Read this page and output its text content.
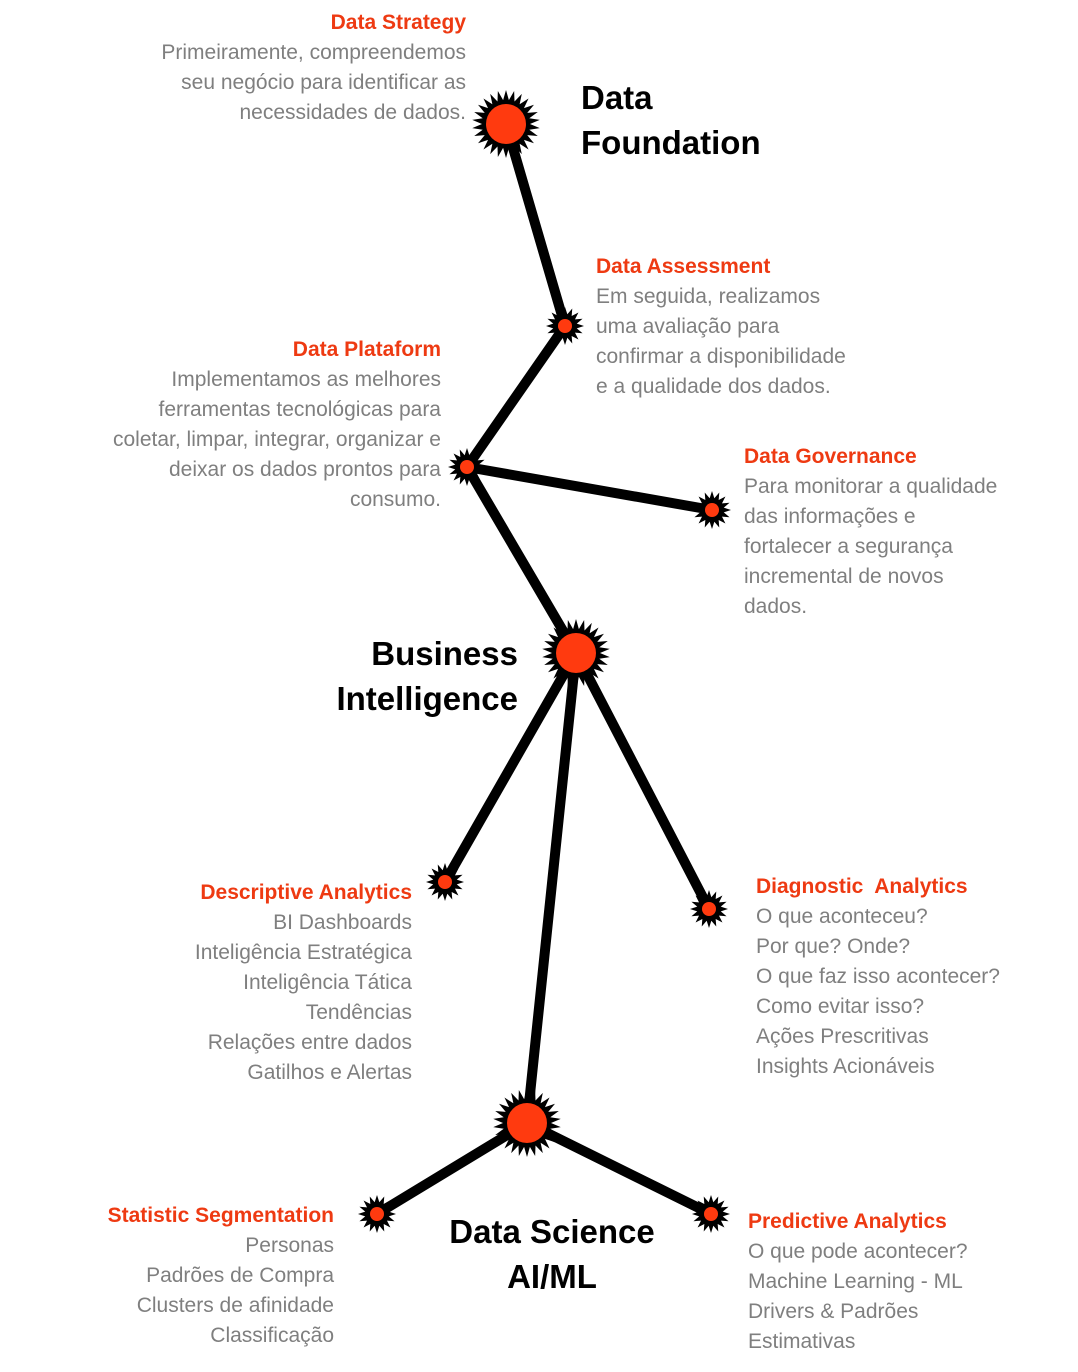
Data
Foundation
Business
Intelligence
Data Science
AI/ML
Data Strategy
Primeiramente, compreendemos
seu negócio para identificar as
necessidades de dados.
Data Assessment
Em seguida, realizamos
uma avaliação para
confirmar a disponibilidade
e a qualidade dos dados.
Data Plataform
Implementamos as melhores
ferramentas tecnológicas para
coletar, limpar, integrar, organizar e
deixar os dados prontos para
consumo.
Data Governance
Para monitorar a qualidade
das informações e
fortalecer a segurança
incremental de novos
dados.
Descriptive Analytics
BI Dashboards
Inteligência Estratégica
Inteligência Tática
Tendências
Relações entre dados
Gatilhos e Alertas
Diagnostic  Analytics
O que aconteceu?
Por que? Onde?
O que faz isso acontecer?
Como evitar isso?
Ações Prescritivas
Insights Acionáveis
Statistic Segmentation
Personas
Padrões de Compra
Clusters de afinidade
Classificação
Predictive Analytics
O que pode acontecer?
Machine Learning - ML
Drivers & Padrões
Estimativas
